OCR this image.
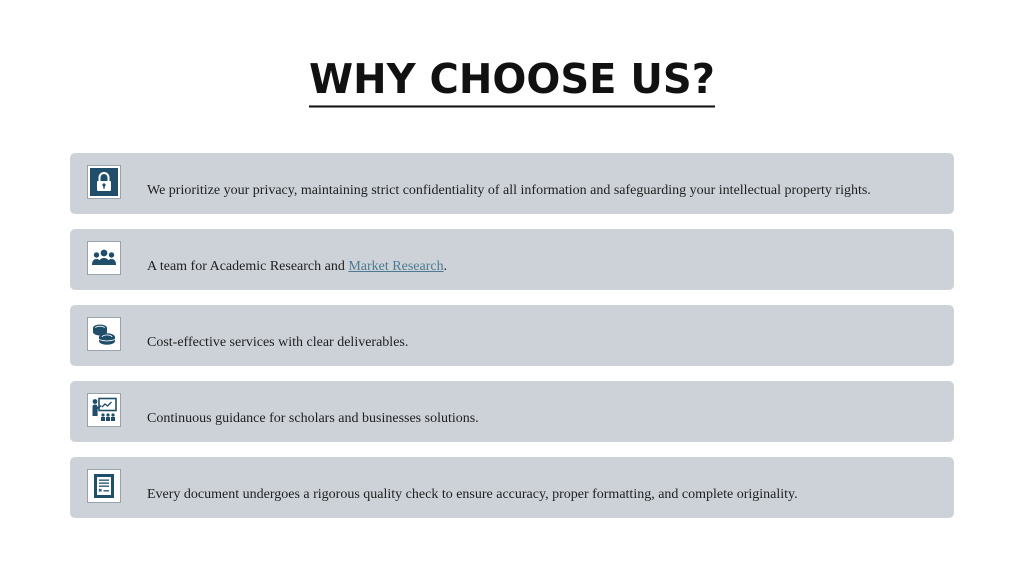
WHY CHOOSE US?
We prioritize your privacy, maintaining strict confidentiality of all information and safeguarding your intellectual property rights.
A team for Academic Research and Market Research.
Cost-effective services with clear deliverables.
Continuous guidance for scholars and businesses solutions.
Every document undergoes a rigorous quality check to ensure accuracy, proper formatting, and complete originality.
